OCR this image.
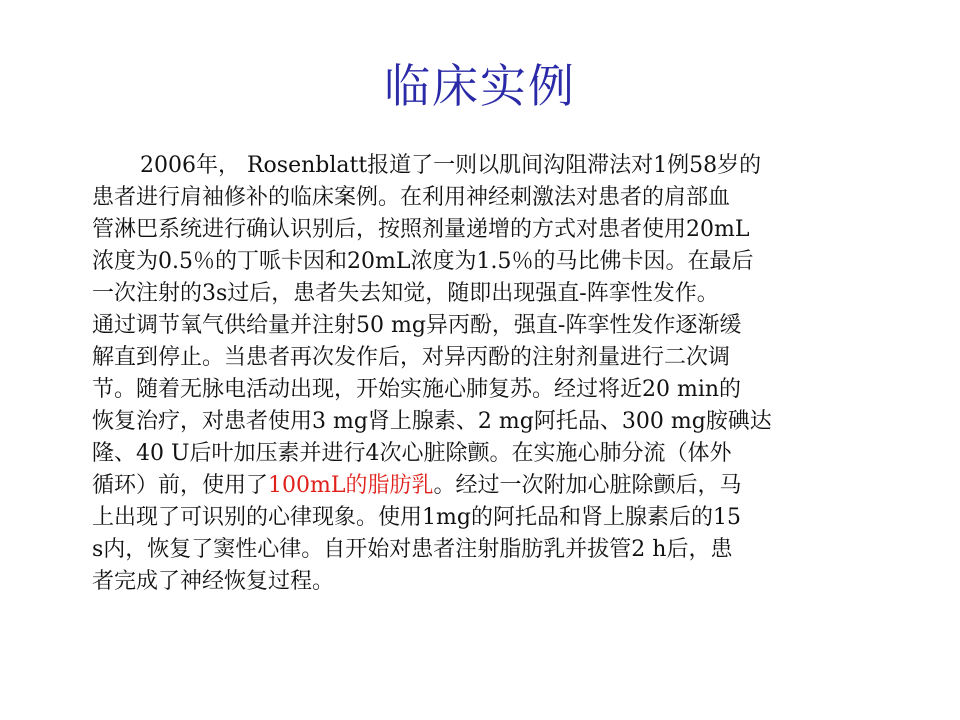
临床实例
2006年， Rosenblatt报道了一则以肌间沟阻滞法对1例58岁的
患者进行肩袖修补的临床案例。在利用神经刺激法对患者的肩部血
管淋巴系统进行确认识别后，按照剂量递增的方式对患者使用20mL
浓度为0.5％的丁哌卡因和20mL浓度为1.5％的马比佛卡因。在最后
一次注射的3s过后，患者失去知觉，随即出现强直-阵挛性发作。
通过调节氧气供给量并注射50 mg异丙酚，强直-阵挛性发作逐渐缓
解直到停止。当患者再次发作后，对异丙酚的注射剂量进行二次调
节。随着无脉电活动出现，开始实施心肺复苏。经过将近20 min的
恢复治疗，对患者使用3 mg肾上腺素、2 mg阿托品、300 mg胺碘达
隆、40 U后叶加压素并进行4次心脏除颤。在实施心肺分流（体外
循环）前，使用了100mL的脂肪乳。经过一次附加心脏除颤后，马
上出现了可识别的心律现象。使用1mg的阿托品和肾上腺素后的15
s内，恢复了窦性心律。自开始对患者注射脂肪乳并拔管2 h后，患
者完成了神经恢复过程。
